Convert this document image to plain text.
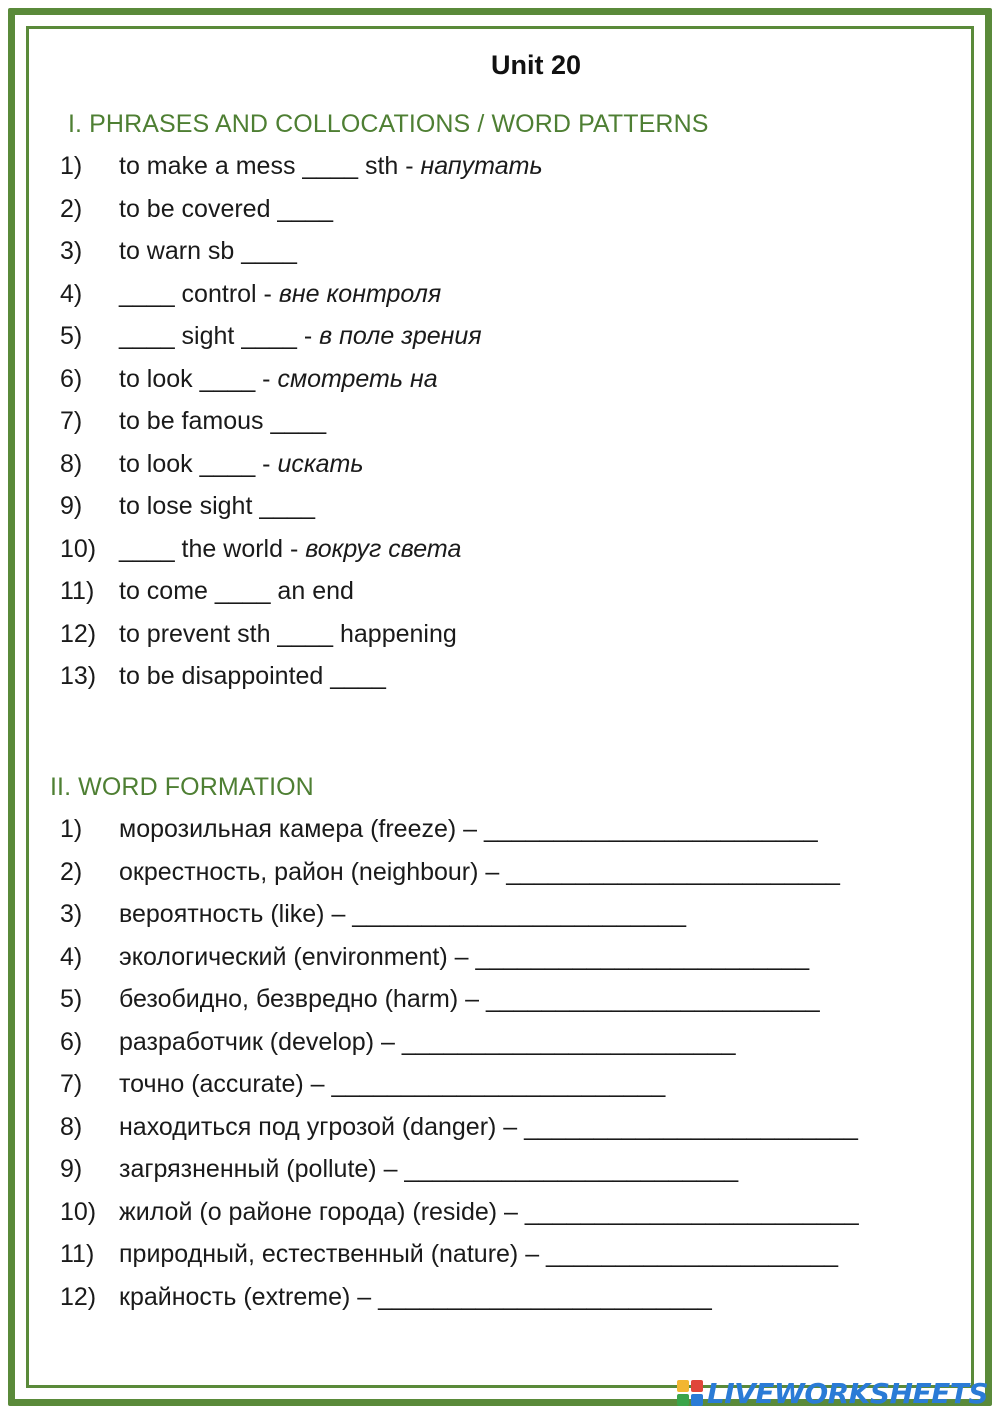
Unit 20
I. PHRASES AND COLLOCATIONS / WORD PATTERNS
1)	to make a mess ____ sth - напутать
2)	to be covered ____
3)	to warn sb ____
4)	____ control - вне контроля
5)	____ sight ____ - в поле зрения
6)	to look ____ - смотреть на
7)	to be famous ____
8)	to look ____ - искать
9)	to lose sight ____
10) ____ the world - вокруг света
11) to come ____ an end
12) to prevent sth ____ happening
13) to be disappointed ____
II. WORD FORMATION
1)	морозильная камера (freeze) – ________________________
2)	окрестность, район (neighbour) – ________________________
3)	вероятность (like) – ________________________
4)	экологический (environment) – ________________________
5)	безобидно, безвредно (harm) – ________________________
6)	разработчик (develop) – ________________________
7)	точно (accurate) – ________________________
8)	находиться под угрозой (danger) – ________________________
9)	загрязненный (pollute) – ________________________
10) жилой (о районе города) (reside) – ________________________
11) природный, естественный (nature) – _____________________
12) крайность (extreme) – ________________________
LIVEWORKSHEETS
